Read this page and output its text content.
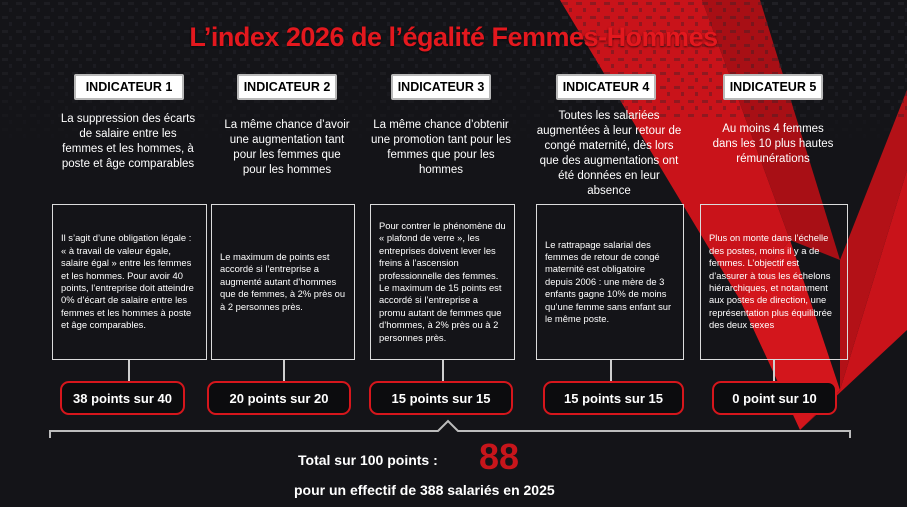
L’index 2026 de l’égalité Femmes-Hommes
INDICATEUR 1
La suppression des écarts de salaire entre les femmes et les hommes, à poste et âge comparables
Il s’agit d’une obligation légale : « à travail de valeur égale, salaire égal » entre les femmes et les hommes. Pour avoir 40 points, l’entreprise doit atteindre 0% d’écart de salaire entre les femmes et les hommes à poste et âge comparables.
38 points sur 40
INDICATEUR 2
La même chance d’avoir une augmentation tant pour les femmes que pour les hommes
Le maximum de points est accordé si l’entreprise a augmenté autant d’hommes que de femmes, à 2% près ou à 2 personnes près.
20 points sur 20
INDICATEUR 3
La même chance d’obtenir une promotion tant pour les femmes que pour les hommes
Pour contrer le phénomène du « plafond de verre », les entreprises doivent lever les freins à l’ascension professionnelle des femmes. Le maximum de 15 points est accordé si l’entreprise a promu autant de femmes que d’hommes, à 2% près ou à 2 personnes près.
15 points sur 15
INDICATEUR 4
Toutes les salariées augmentées à leur retour de congé maternité, dès lors que des augmentations ont été données en leur absence
Le rattrapage salarial des femmes de retour de congé maternité est obligatoire depuis 2006 : une mère de 3 enfants gagne 10% de moins qu’une femme sans enfant sur le même poste.
15 points sur 15
INDICATEUR 5
Au moins 4 femmes dans les 10 plus hautes rémunérations
Plus on monte dans l’échelle des postes, moins il y a de femmes. L’objectif est d’assurer à tous les échelons hiérarchiques, et notamment aux postes de direction, une représentation plus équilibrée des deux sexes
0 point sur 10
Total sur 100 points : 88
pour un effectif de 388 salariés en 2025
